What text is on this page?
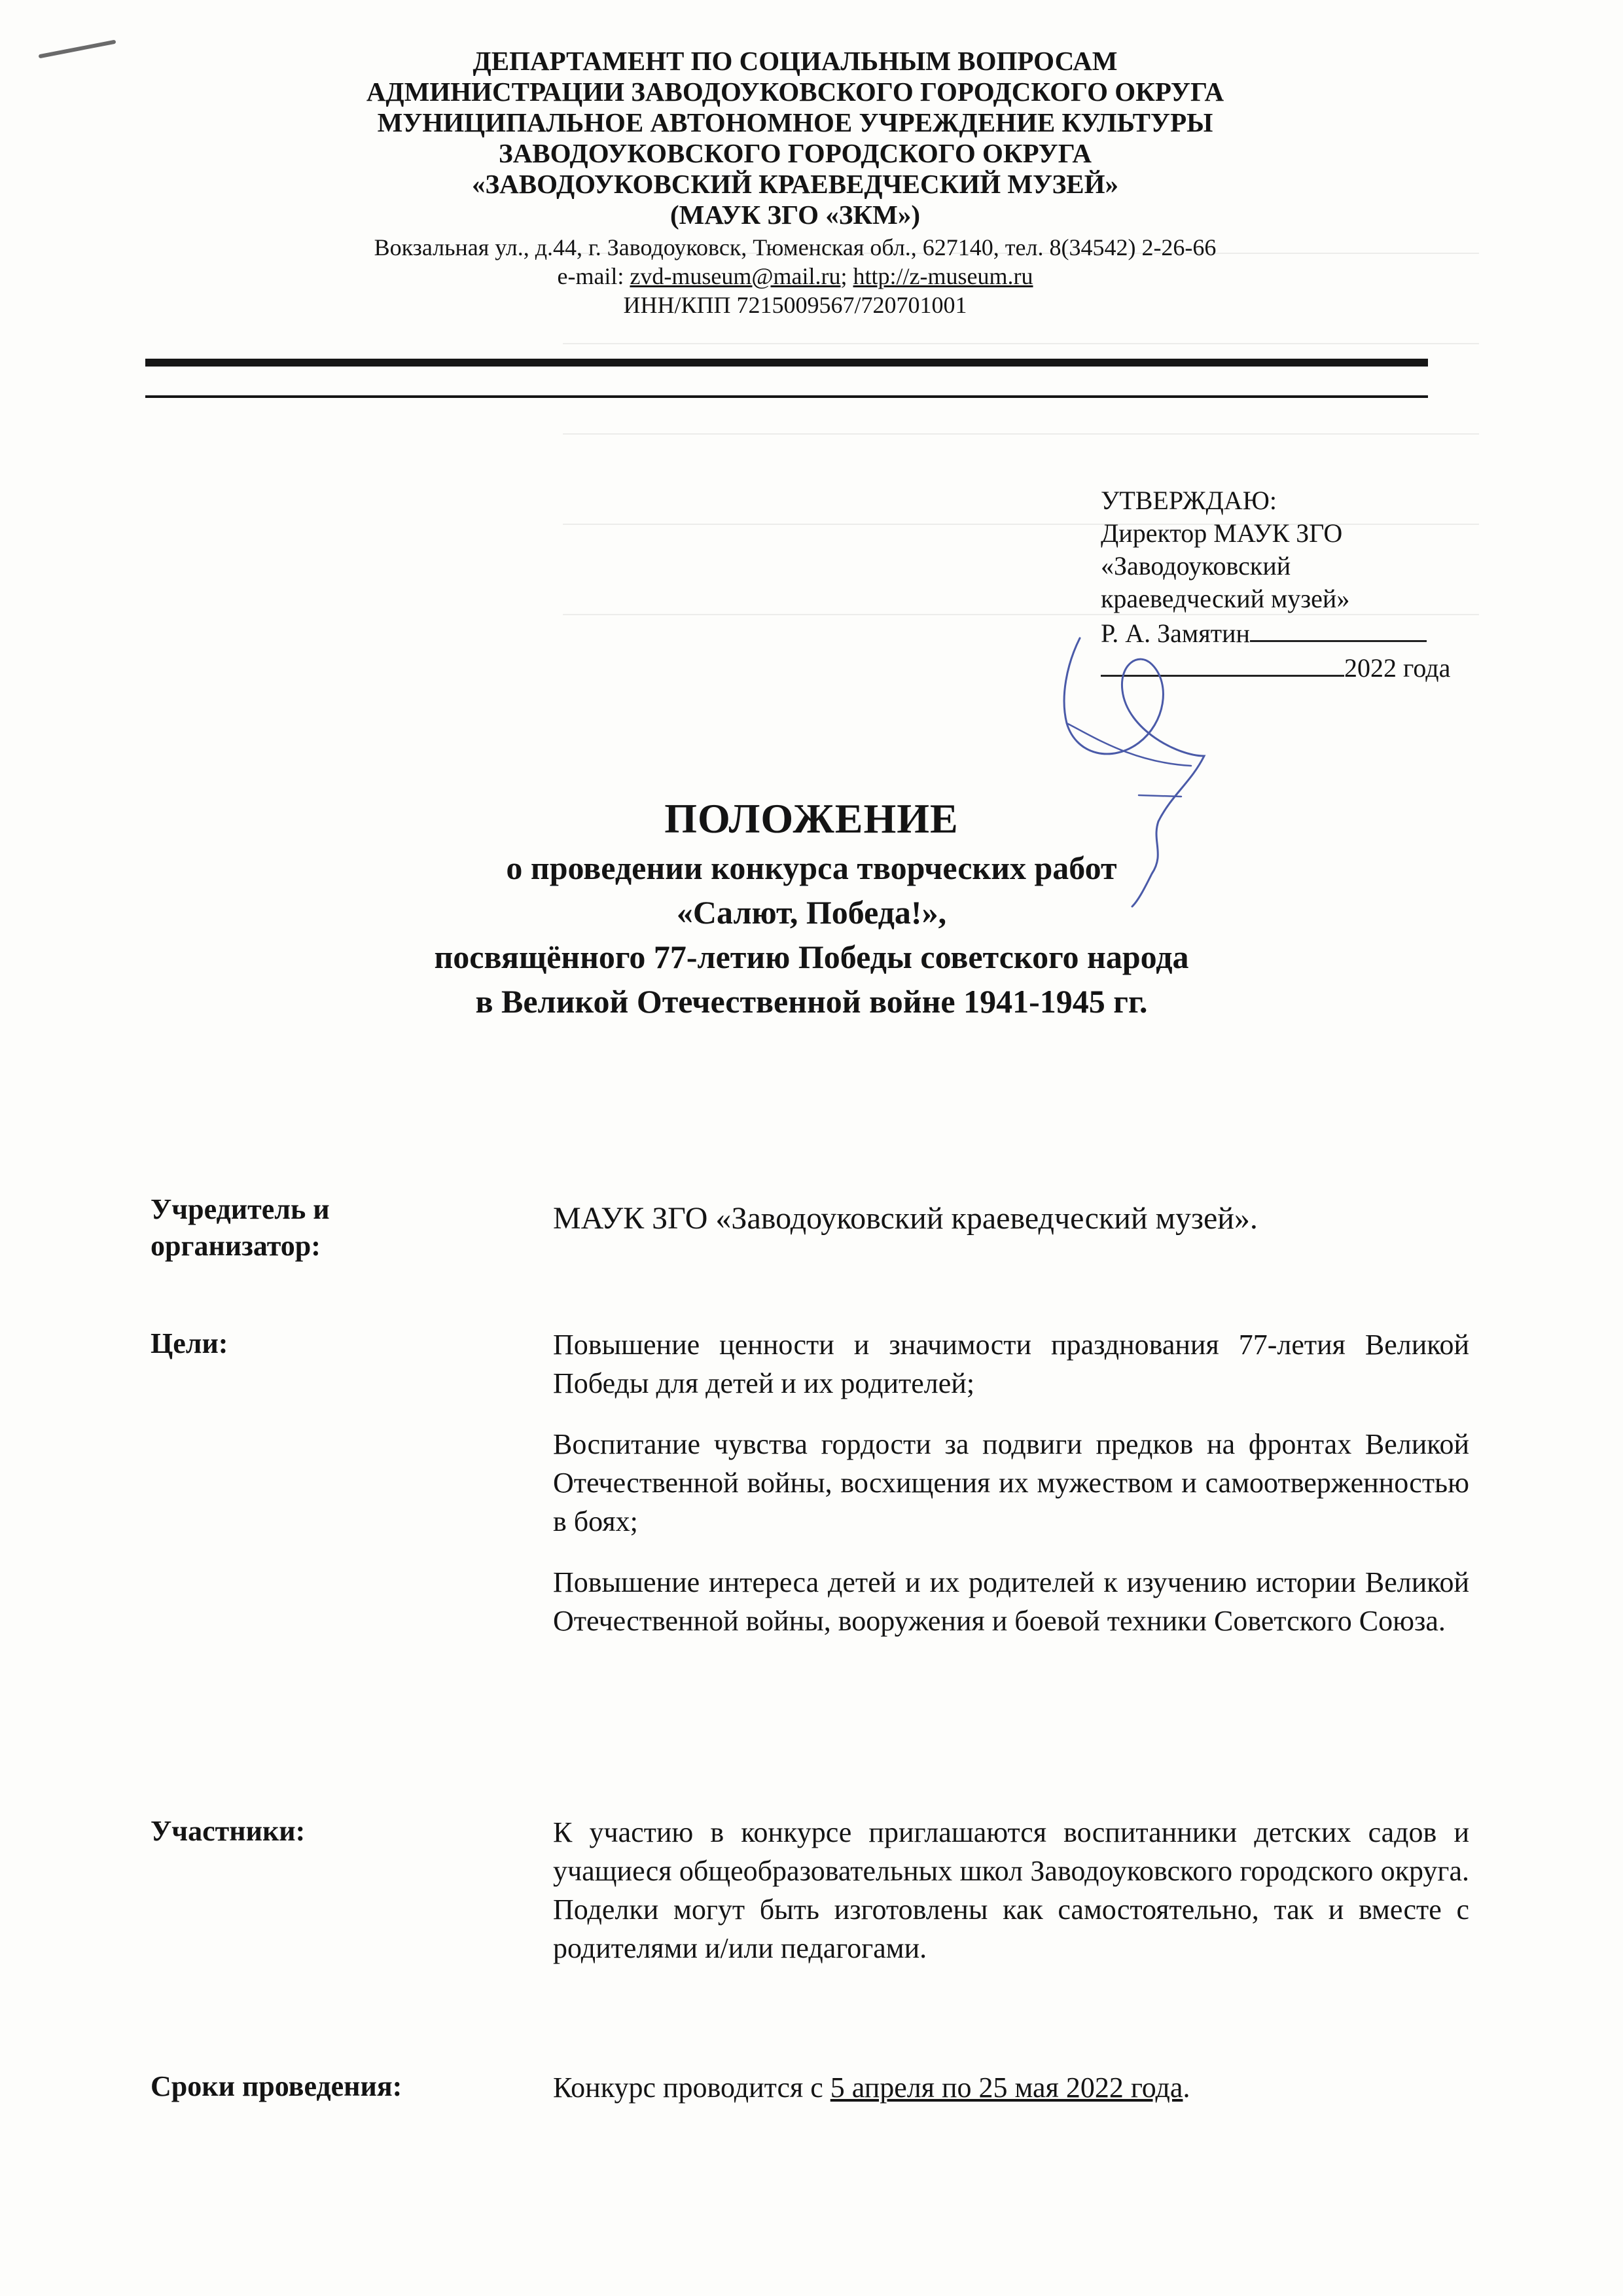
ДЕПАРТАМЕНТ ПО СОЦИАЛЬНЫМ ВОПРОСАМ

АДМИНИСТРАЦИИ ЗАВОДОУКОВСКОГО ГОРОДСКОГО ОКРУГА

МУНИЦИПАЛЬНОЕ АВТОНОМНОЕ УЧРЕЖДЕНИЕ КУЛЬТУРЫ

ЗАВОДОУКОВСКОГО ГОРОДСКОГО ОКРУГА

«ЗАВОДОУКОВСКИЙ КРАЕВЕДЧЕСКИЙ МУЗЕЙ»

(МАУК ЗГО «ЗКМ»)

Вокзальная ул., д.44, г. Заводоуковск, Тюменская обл., 627140, тел. 8(34542) 2-26-66

e-mail: zvd-museum@mail.ru; http://z-museum.ru

ИНН/КПП 7215009567/720701001

УТВЕРЖДАЮ:
Директор МАУК ЗГО
«Заводоуковский
краеведческий музей»
Р. А. Замятин
2022 года

ПОЛОЖЕНИЕ

о проведении конкурса творческих работ

«Салют, Победа!»,

посвящённого 77-летию Победы советского народа

в Великой Отечественной войне 1941-1945 гг.

Учредитель и
организатор:

МАУК ЗГО «Заводоуковский краеведческий музей».

Цели:	Повышение ценности и значимости празднования 77-летия Великой Победы для детей и их родителей;

Воспитание чувства гордости за подвиги предков на фронтах Великой Отечественной войны, восхищения их мужеством и самоотверженностью в боях;

Повышение интереса детей и их родителей к изучению истории Великой Отечественной войны, вооружения и боевой техники Советского Союза.

Участники:	К участию в конкурсе приглашаются воспитанники детских садов и учащиеся общеобразовательных школ Заводоуковского городского округа. Поделки могут быть изготовлены как самостоятельно, так и вместе с родителями и/или педагогами.

Сроки проведения:	Конкурс проводится с 5 апреля по 25 мая 2022 года.
